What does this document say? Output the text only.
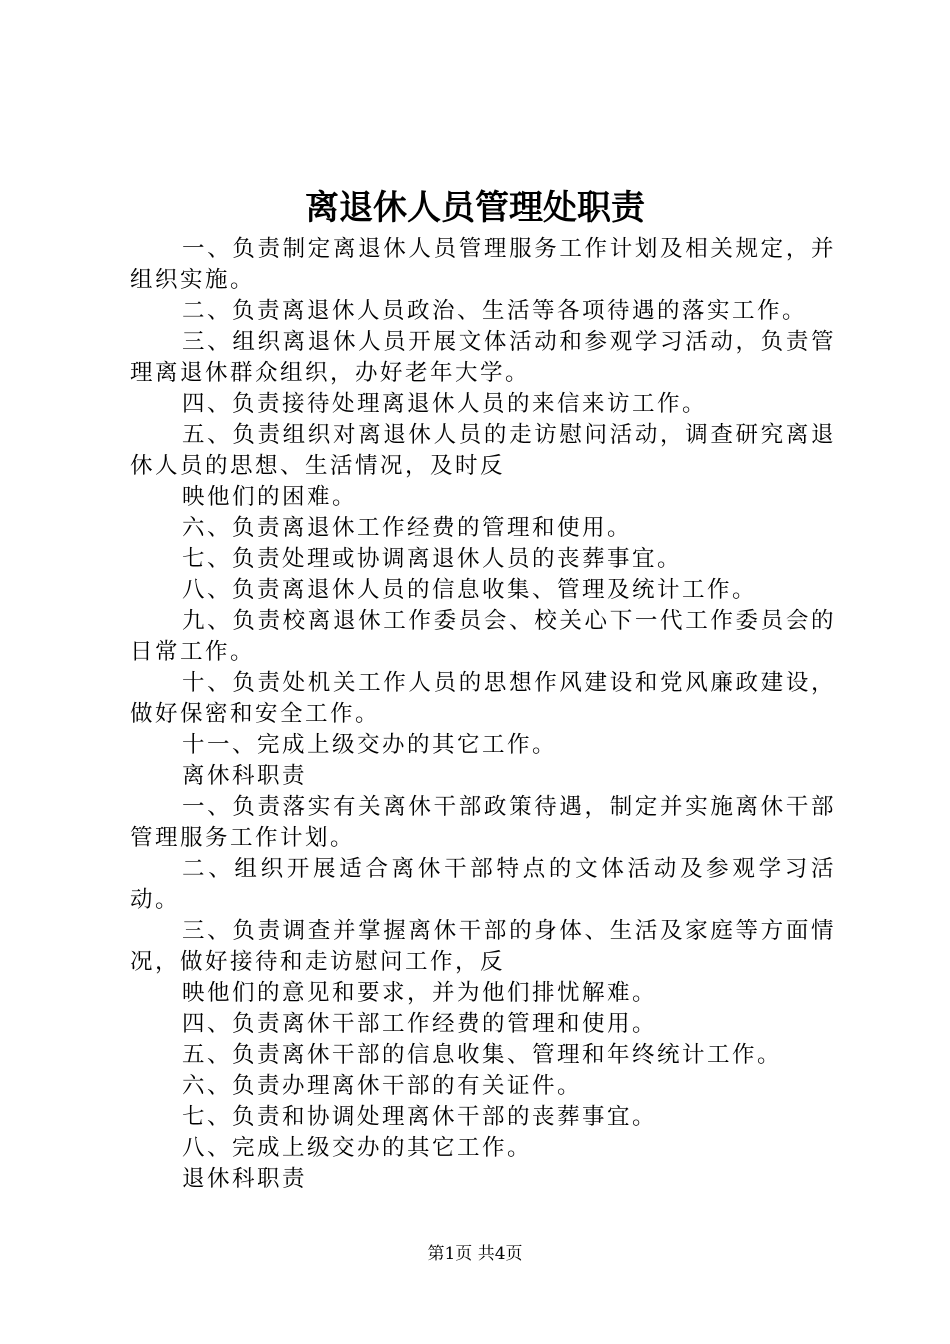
离退休人员管理处职责

一、负责制定离退休人员管理服务工作计划及相关规定，并组织实施。

二、负责离退休人员政治、生活等各项待遇的落实工作。

三、组织离退休人员开展文体活动和参观学习活动，负责管理离退休群众组织，办好老年大学。

四、负责接待处理离退休人员的来信来访工作。

五、负责组织对离退休人员的走访慰问活动，调查研究离退休人员的思想、生活情况，及时反

映他们的困难。

六、负责离退休工作经费的管理和使用。

七、负责处理或协调离退休人员的丧葬事宜。

八、负责离退休人员的信息收集、管理及统计工作。

九、负责校离退休工作委员会、校关心下一代工作委员会的日常工作。

十、负责处机关工作人员的思想作风建设和党风廉政建设，做好保密和安全工作。

十一、完成上级交办的其它工作。

离休科职责

一、负责落实有关离休干部政策待遇，制定并实施离休干部管理服务工作计划。

二、组织开展适合离休干部特点的文体活动及参观学习活动。

三、负责调查并掌握离休干部的身体、生活及家庭等方面情况，做好接待和走访慰问工作，反

映他们的意见和要求，并为他们排忧解难。

四、负责离休干部工作经费的管理和使用。

五、负责离休干部的信息收集、管理和年终统计工作。

六、负责办理离休干部的有关证件。

七、负责和协调处理离休干部的丧葬事宜。

八、完成上级交办的其它工作。

退休科职责

第1页 共4页
